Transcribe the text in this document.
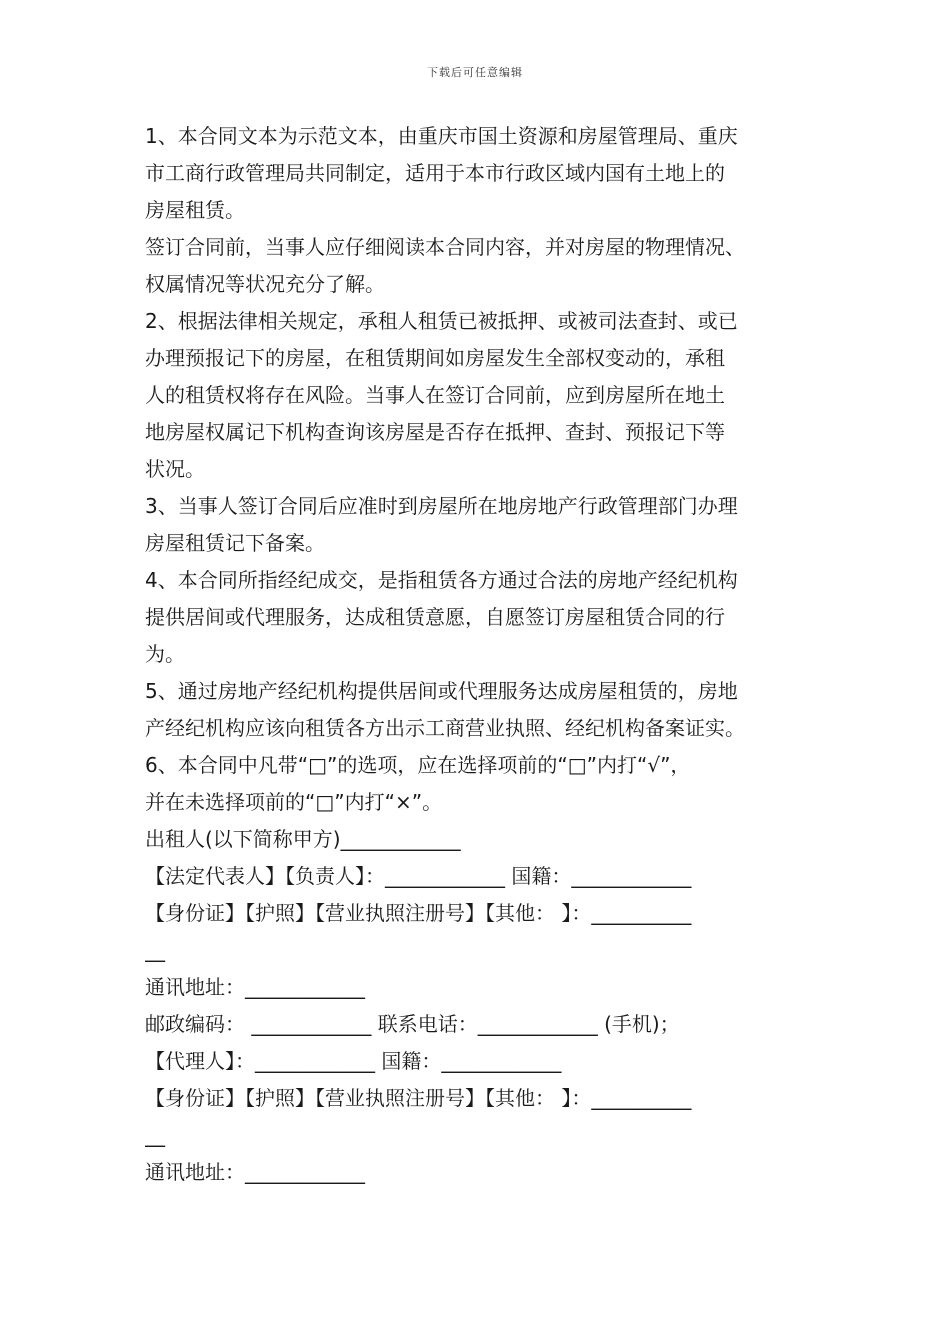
下载后可任意编辑
1、本合同文本为示范文本，由重庆市国土资源和房屋管理局、重庆
市工商行政管理局共同制定，适用于本市行政区域内国有土地上的
房屋租赁。
签订合同前，当事人应仔细阅读本合同内容，并对房屋的物理情况、
权属情况等状况充分了解。
2、根据法律相关规定，承租人租赁已被抵押、或被司法查封、或已
办理预报记下的房屋，在租赁期间如房屋发生全部权变动的，承租
人的租赁权将存在风险。当事人在签订合同前，应到房屋所在地土
地房屋权属记下机构查询该房屋是否存在抵押、查封、预报记下等
状况。
3、当事人签订合同后应准时到房屋所在地房地产行政管理部门办理
房屋租赁记下备案。
4、本合同所指经纪成交，是指租赁各方通过合法的房地产经纪机构
提供居间或代理服务，达成租赁意愿，自愿签订房屋租赁合同的行
为。
5、通过房地产经纪机构提供居间或代理服务达成房屋租赁的，房地
产经纪机构应该向租赁各方出示工商营业执照、经纪机构备案证实。
6、本合同中凡带“□”的选项，应在选择项前的“□”内打“√”，
并在未选择项前的“□”内打“×”。
出租人(以下简称甲方)____________
【法定代表人】【负责人】：____________ 国籍：____________
【身份证】【护照】【营业执照注册号】【其他： 】：__________
__
通讯地址：____________
邮政编码： ____________ 联系电话：____________ (手机)；
【代理人】：____________ 国籍：____________
【身份证】【护照】【营业执照注册号】【其他： 】：__________
__
通讯地址：____________
